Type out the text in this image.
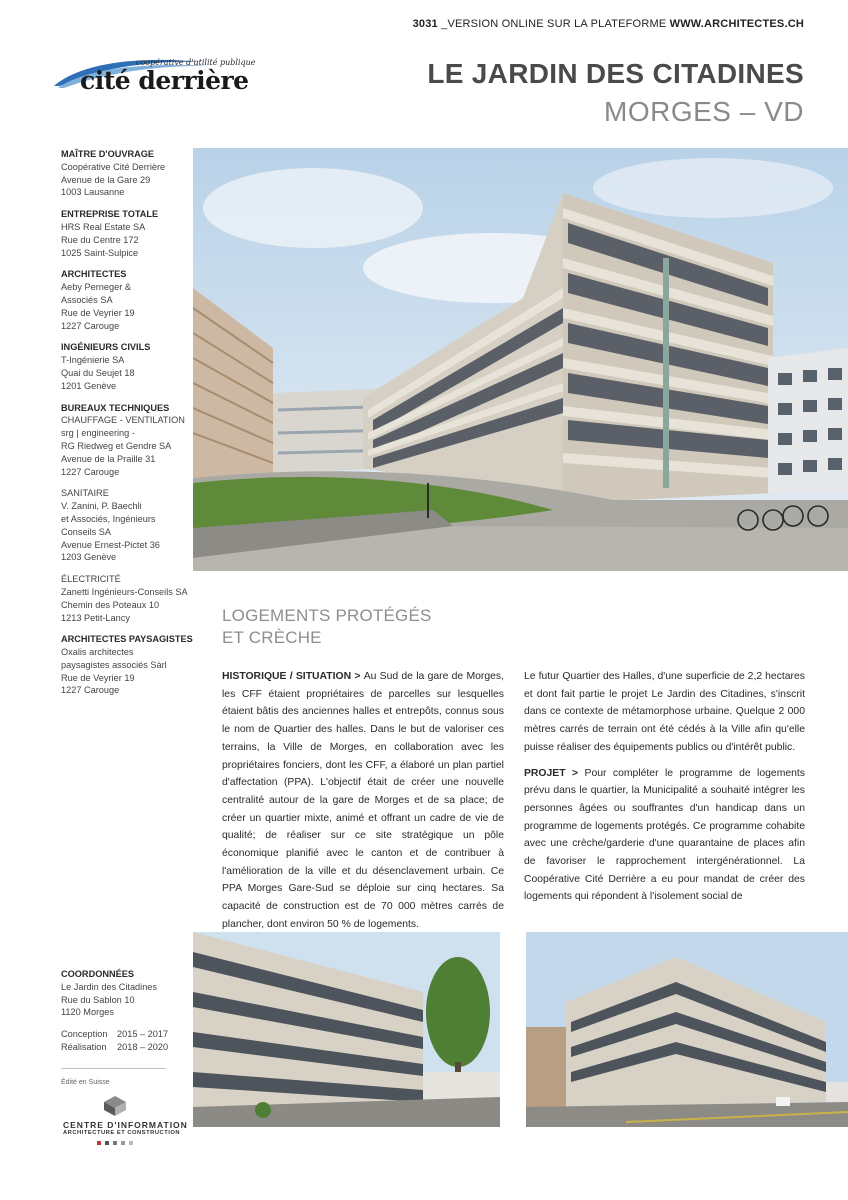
3031 _VERSION ONLINE SUR LA PLATEFORME WWW.ARCHITECTES.CH
coopérative d'utilité publique
cité derrière	LE JARDIN DES CITADINES
MORGES – VD
MAÎTRE D'OUVRAGE
Coopérative Cité Derrière
Avenue de la Gare 29
1003 Lausanne
ENTREPRISE TOTALE
HRS Real Estate SA
Rue du Centre 172
1025 Saint-Sulpice
ARCHITECTES
Aeby Perneger &
Associés SA
Rue de Veyrier 19
1227 Carouge
INGÉNIEURS CIVILS
T-Ingénierie SA
Quai du Seujet 18
1201 Genève
BUREAUX TECHNIQUES
CHAUFFAGE - VENTILATION
srg | engineering -
RG Riedweg et Gendre SA
Avenue de la Praille 31
1227 Carouge
SANITAIRE
V. Zanini, P. Baechli
et Associés, Ingénieurs
Conseils SA
Avenue Ernest-Pictet 36
1203 Genève
ÉLECTRICITÉ
Zanetti Ingénieurs-Conseils SA
Chemin des Poteaux 10
1213 Petit-Lancy
ARCHITECTES PAYSAGISTES
Oxalis architectes
paysagistes associés Sàrl
Rue de Veyrier 19
1227 Carouge
LOGEMENTS PROTÉGÉS
ET CRÈCHE

HISTORIQUE / SITUATION > Au Sud de la gare de Morges, les CFF étaient propriétaires de parcelles sur lesquelles étaient bâtis des anciennes halles et entrepôts, connus sous le nom de Quartier des halles. Dans le but de valoriser ces terrains, la Ville de Morges, en collaboration avec les propriétaires fonciers, dont les CFF, a élaboré un plan partiel d'affectation (PPA). L'objectif était de créer une nouvelle centralité autour de la gare de Morges et de sa place; de créer un quartier mixte, animé et offrant un cadre de vie de qualité; de réaliser sur ce site stratégique un pôle économique planifié avec le canton et de contribuer à l'amélioration de la ville et du désenclavement urbain. Ce PPA Morges Gare-Sud se déploie sur cinq hectares. Sa capacité de construction est de 70 000 mètres carrés de plancher, dont environ 50 % de logements.

Le futur Quartier des Halles, d'une superficie de 2,2 hectares et dont fait partie le projet Le Jardin des Citadines, s'inscrit dans ce contexte de métamorphose urbaine. Quelque 2 000 mètres carrés de terrain ont été cédés à la Ville afin qu'elle puisse réaliser des équipements publics ou d'intérêt public.

PROJET > Pour compléter le programme de logements prévu dans le quartier, la Municipalité a souhaité intégrer les personnes âgées ou souffrantes d'un handicap dans un programme de logements protégés. Ce programme cohabite avec une crèche/garderie d'une quarantaine de places afin de favoriser le rapprochement intergénérationnel. La Coopérative Cité Derrière a eu pour mandat de créer des logements qui répondent à l'isolement social de

COORDONNÉES
Le Jardin des Citadines
Rue du Sablon 10
1120 Morges
Conception	2015 – 2017
Réalisation	2018 – 2020
Édité en Suisse
CENTRE D'INFORMATION
ARCHITECTURE ET CONSTRUCTION
